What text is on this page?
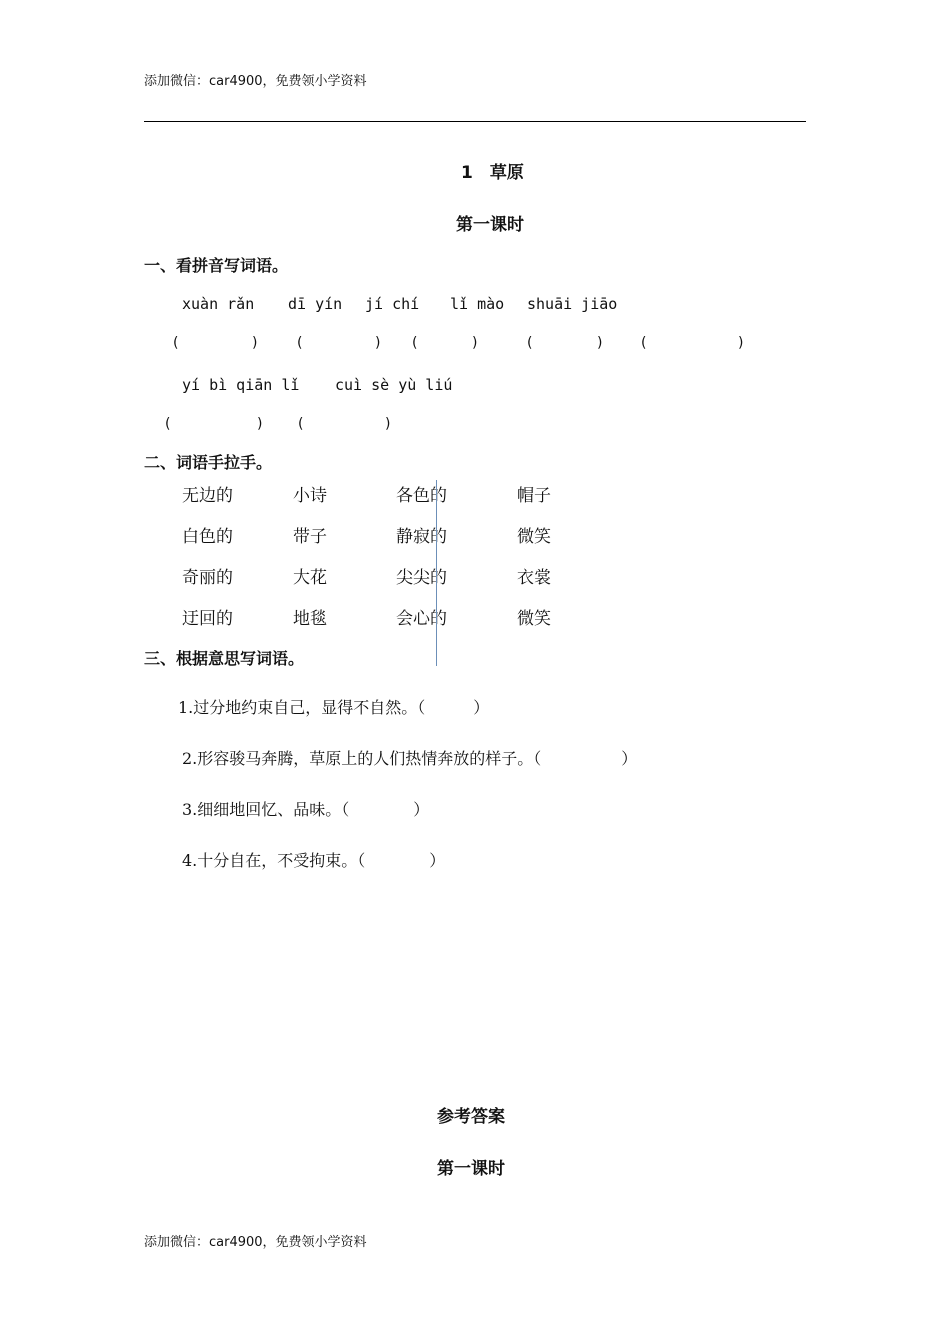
添加微信：car4900，免费领小学资料
1　草原
第一课时
一、看拼音写词语。
xuàn rǎn dī yín jí chí lǐ mào shuāi jiāo
(	)	(	) (	)	(	)	(	)
yí bì qiān lǐ cuì sè yù liú
(	)	(	)
二、词语手拉手。
无边的	小诗	各色的	帽子
白色的	带子	静寂的	微笑
奇丽的	大花	尖尖的	衣裳
迂回的	地毯	会心的	微笑
三、根据意思写词语。
1.过分地约束自己，显得不自然。（　　　）
2.形容骏马奔腾，草原上的人们热情奔放的样子。（　　　　　）
3.细细地回忆、品味。（　　　　）
4.十分自在，不受拘束。（　　　　）
参考答案
第一课时
添加微信：car4900，免费领小学资料
